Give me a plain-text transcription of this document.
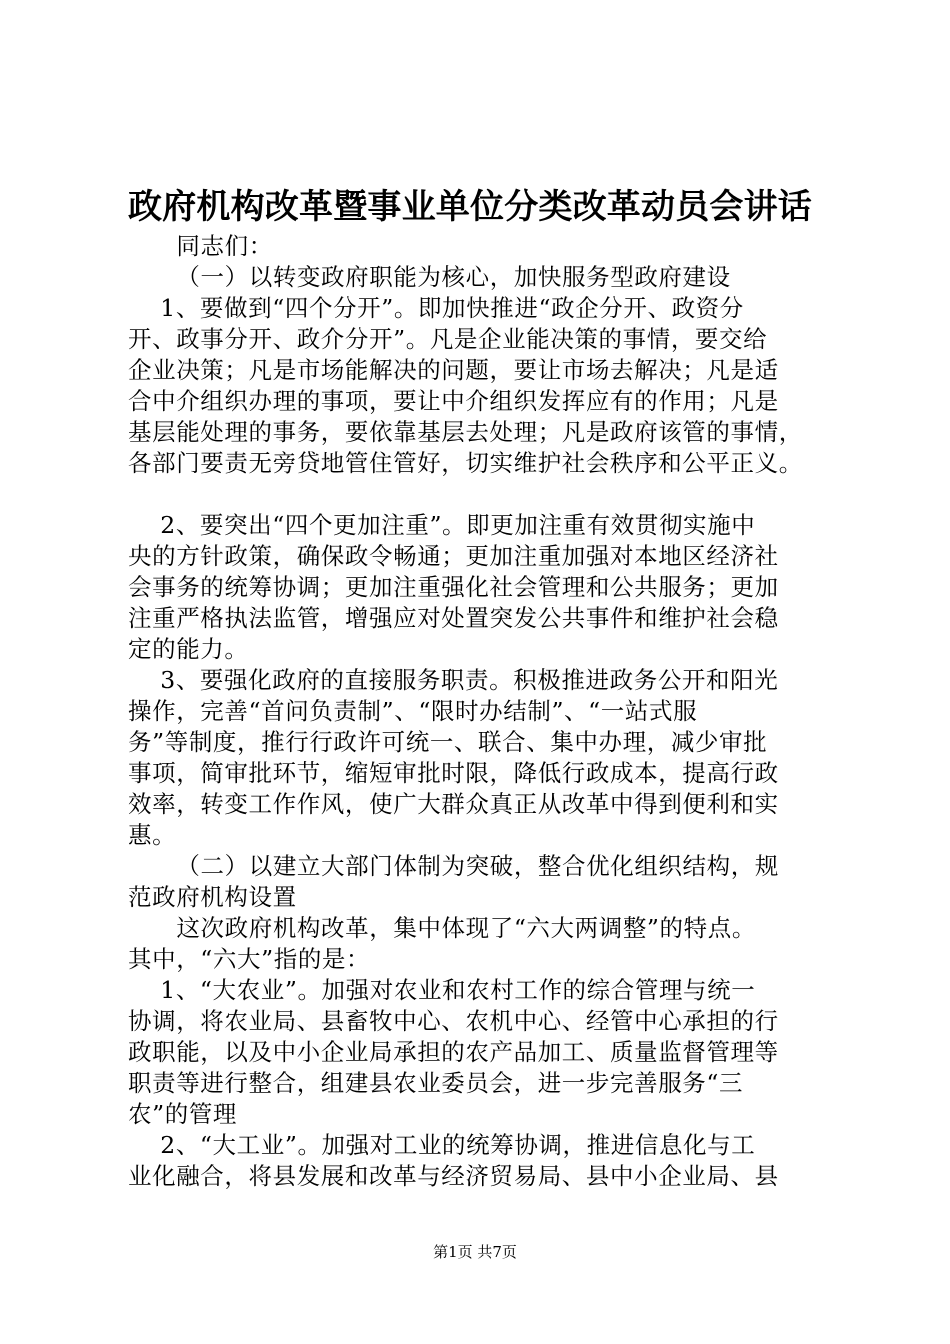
政府机构改革暨事业单位分类改革动员会讲话
同志们：
（一）以转变政府职能为核心，加快服务型政府建设
1、要做到“四个分开”。即加快推进“政企分开、政资分
开、政事分开、政介分开”。凡是企业能决策的事情，要交给
企业决策；凡是市场能解决的问题，要让市场去解决；凡是适
合中介组织办理的事项，要让中介组织发挥应有的作用；凡是
基层能处理的事务，要依靠基层去处理；凡是政府该管的事情，
各部门要责无旁贷地管住管好，切实维护社会秩序和公平正义。
2、要突出“四个更加注重”。即更加注重有效贯彻实施中
央的方针政策，确保政令畅通；更加注重加强对本地区经济社
会事务的统筹协调；更加注重强化社会管理和公共服务；更加
注重严格执法监管，增强应对处置突发公共事件和维护社会稳
定的能力。
3、要强化政府的直接服务职责。积极推进政务公开和阳光
操作，完善“首问负责制”、“限时办结制”、“一站式服
务”等制度，推行行政许可统一、联合、集中办理，减少审批
事项，简审批环节，缩短审批时限，降低行政成本，提高行政
效率，转变工作作风，使广大群众真正从改革中得到便利和实
惠。
（二）以建立大部门体制为突破，整合优化组织结构，规
范政府机构设置
这次政府机构改革，集中体现了“六大两调整”的特点。
其中，“六大”指的是：
1、“大农业”。加强对农业和农村工作的综合管理与统一
协调，将农业局、县畜牧中心、农机中心、经管中心承担的行
政职能，以及中小企业局承担的农产品加工、质量监督管理等
职责等进行整合，组建县农业委员会，进一步完善服务“三
农”的管理
2、“大工业”。加强对工业的统筹协调，推进信息化与工
业化融合，将县发展和改革与经济贸易局、县中小企业局、县
第1页 共7页
